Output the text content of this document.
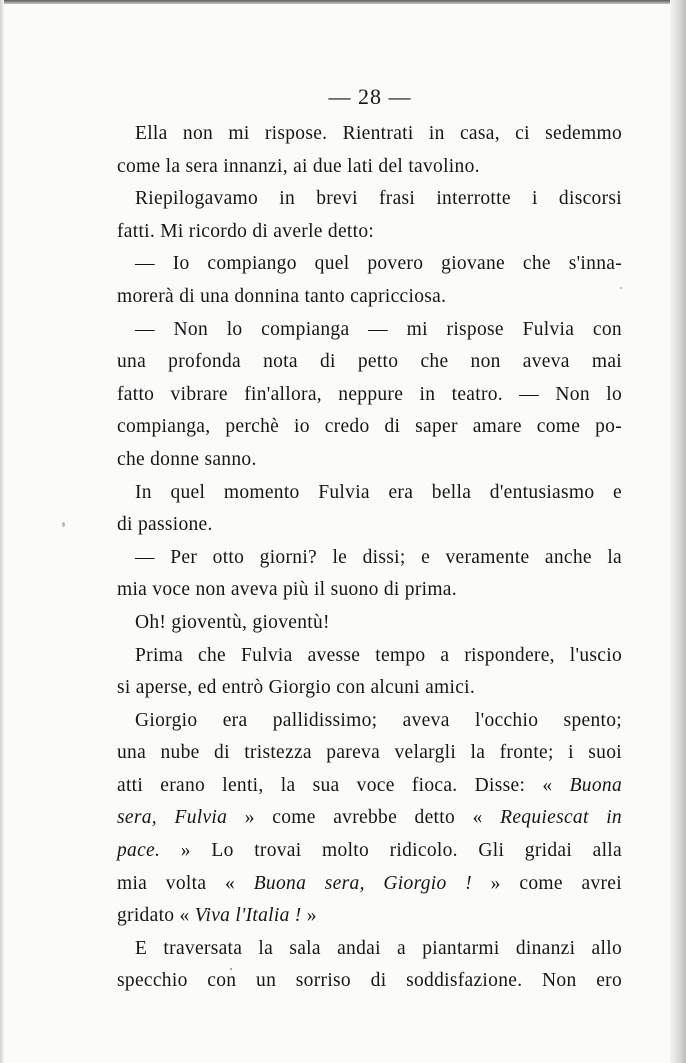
— 28 —
Ella non mi rispose. Rientrati in casa, ci sedemmo
come la sera innanzi, ai due lati del tavolino.
Riepilogavamo in brevi frasi interrotte i discorsi
fatti. Mi ricordo di averle detto:
— Io compiango quel povero giovane che s'inna-
morerà di una donnina tanto capricciosa.
— Non lo compianga — mi rispose Fulvia con
una profonda nota di petto che non aveva mai
fatto vibrare fin'allora, neppure in teatro. — Non lo
compianga, perchè io credo di saper amare come po-
che donne sanno.
In quel momento Fulvia era bella d'entusiasmo e
di passione.
— Per otto giorni? le dissi; e veramente anche la
mia voce non aveva più il suono di prima.
Oh! gioventù, gioventù!
Prima che Fulvia avesse tempo a rispondere, l'uscio
si aperse, ed entrò Giorgio con alcuni amici.
Giorgio era pallidissimo; aveva l'occhio spento;
una nube di tristezza pareva velargli la fronte; i suoi
atti erano lenti, la sua voce fioca. Disse: « Buona
sera, Fulvia » come avrebbe detto « Requiescat in
pace. » Lo trovai molto ridicolo. Gli gridai alla
mia volta « Buona sera, Giorgio ! » come avrei
gridato « Viva l'Italia ! »
E traversata la sala andai a piantarmi dinanzi allo
specchio con un sorriso di soddisfazione. Non ero
